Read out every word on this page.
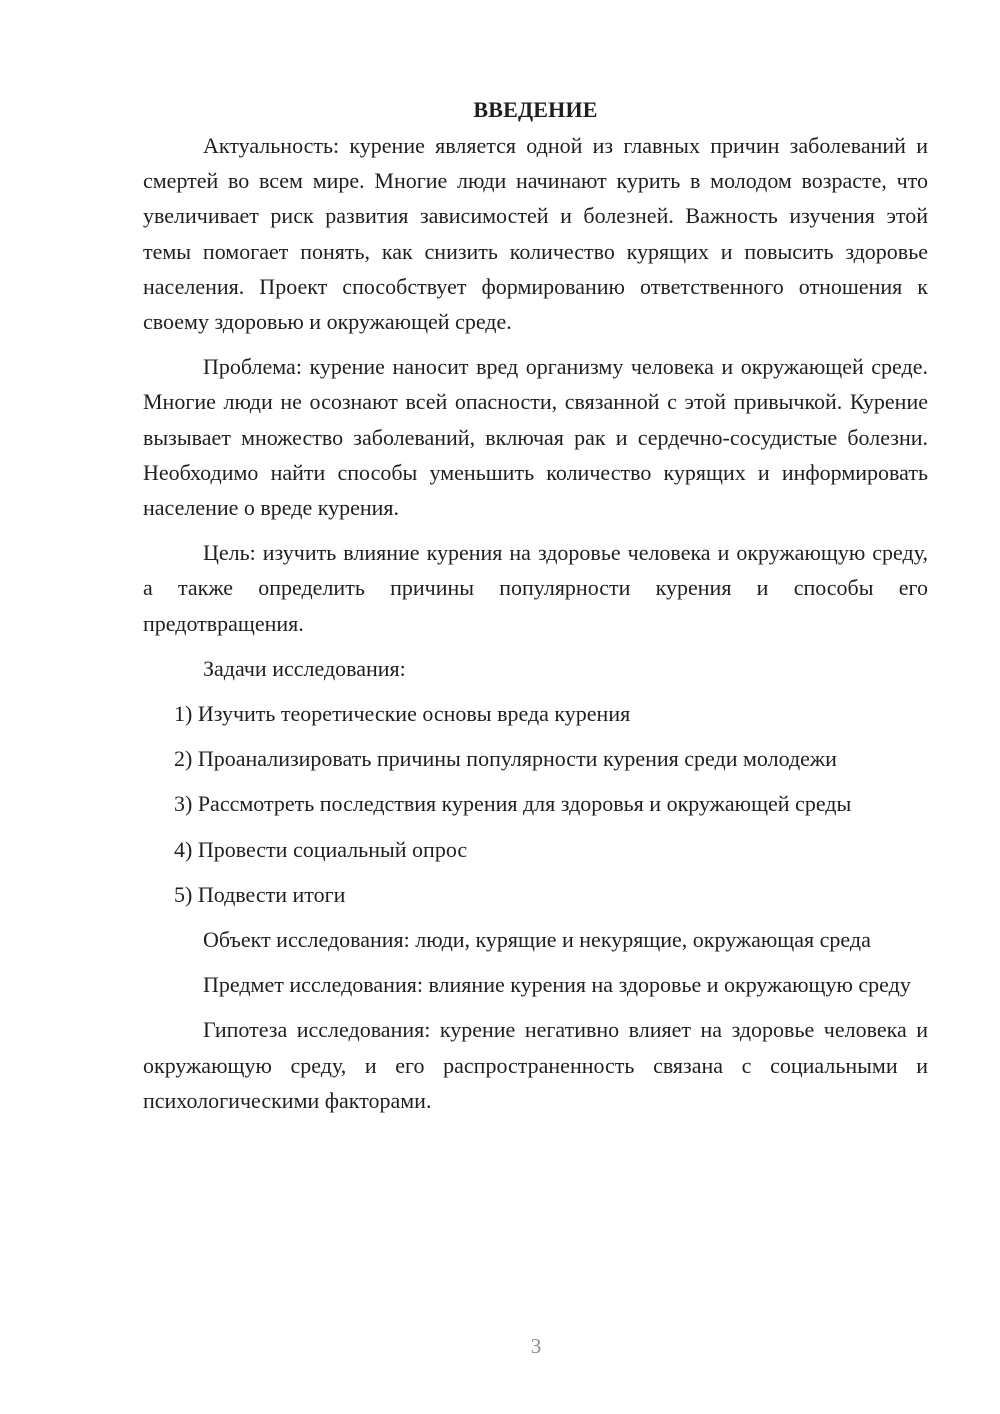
ВВЕДЕНИЕ

Актуальность: курение является одной из главных причин заболеваний и смертей во всем мире. Многие люди начинают курить в молодом возрасте, что увеличивает риск развития зависимостей и болезней. Важность изучения этой темы помогает понять, как снизить количество курящих и повысить здоровье населения. Проект способствует формированию ответственного отношения к своему здоровью и окружающей среде.

Проблема: курение наносит вред организму человека и окружающей среде. Многие люди не осознают всей опасности, связанной с этой привычкой. Курение вызывает множество заболеваний, включая рак и сердечно-сосудистые болезни. Необходимо найти способы уменьшить количество курящих и информировать население о вреде курения.

Цель: изучить влияние курения на здоровье человека и окружающую среду, а также определить причины популярности курения и способы его предотвращения.

Задачи исследования:

1) Изучить теоретические основы вреда курения

2) Проанализировать причины популярности курения среди молодежи

3) Рассмотреть последствия курения для здоровья и окружающей среды

4) Провести социальный опрос

5) Подвести итоги

Объект исследования: люди, курящие и некурящие, окружающая среда

Предмет исследования: влияние курения на здоровье и окружающую среду

Гипотеза исследования: курение негативно влияет на здоровье человека и окружающую среду, и его распространенность связана с социальными и психологическими факторами.

3
